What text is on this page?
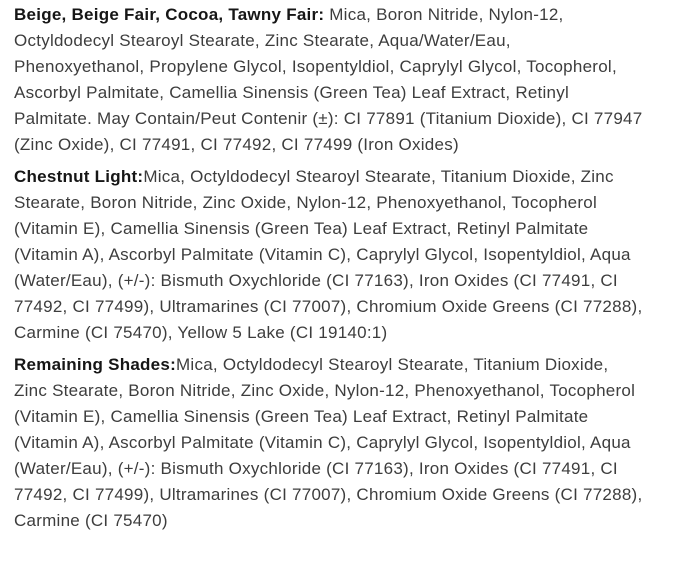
Beige, Beige Fair, Cocoa, Tawny Fair: Mica, Boron Nitride, Nylon-12, Octyldodecyl Stearoyl Stearate, Zinc Stearate, Aqua/Water/Eau, Phenoxyethanol, Propylene Glycol, Isopentyldiol, Caprylyl Glycol, Tocopherol, Ascorbyl Palmitate, Camellia Sinensis (Green Tea) Leaf Extract, Retinyl Palmitate. May Contain/Peut Contenir (±): CI 77891 (Titanium Dioxide), CI 77947 (Zinc Oxide), CI 77491, CI 77492, CI 77499 (Iron Oxides)

Chestnut Light:Mica, Octyldodecyl Stearoyl Stearate, Titanium Dioxide, Zinc Stearate, Boron Nitride, Zinc Oxide, Nylon-12, Phenoxyethanol, Tocopherol (Vitamin E), Camellia Sinensis (Green Tea) Leaf Extract, Retinyl Palmitate (Vitamin A), Ascorbyl Palmitate (Vitamin C), Caprylyl Glycol, Isopentyldiol, Aqua (Water/Eau), (+/-): Bismuth Oxychloride (CI 77163), Iron Oxides (CI 77491, CI 77492, CI 77499), Ultramarines (CI 77007), Chromium Oxide Greens (CI 77288), Carmine (CI 75470), Yellow 5 Lake (CI 19140:1)

Remaining Shades:Mica, Octyldodecyl Stearoyl Stearate, Titanium Dioxide, Zinc Stearate, Boron Nitride, Zinc Oxide, Nylon-12, Phenoxyethanol, Tocopherol (Vitamin E), Camellia Sinensis (Green Tea) Leaf Extract, Retinyl Palmitate (Vitamin A), Ascorbyl Palmitate (Vitamin C), Caprylyl Glycol, Isopentyldiol, Aqua (Water/Eau), (+/-): Bismuth Oxychloride (CI 77163), Iron Oxides (CI 77491, CI 77492, CI 77499), Ultramarines (CI 77007), Chromium Oxide Greens (CI 77288), Carmine (CI 75470)
